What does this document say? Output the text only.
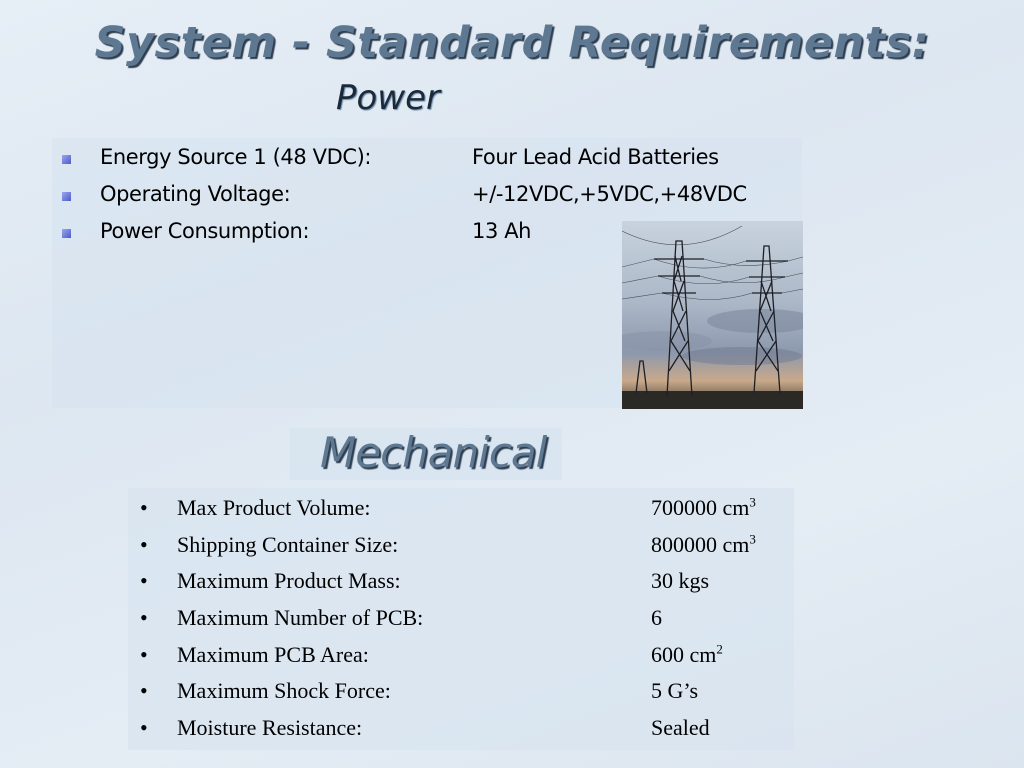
System - Standard Requirements:
Power
Energy Source 1 (48 VDC):	Four Lead Acid Batteries
Operating Voltage:	+/-12VDC,+5VDC,+48VDC
Power Consumption:	13 Ah
Mechanical
• Max Product Volume:	700000 $cm^3$
• Shipping Container Size:	800000 $cm^3$
• Maximum Product Mass:	30 kgs
• Maximum Number of PCB:	6
• Maximum PCB Area:	600 $cm^2$
• Maximum Shock Force:	5 G’s
• Moisture Resistance:	Sealed
